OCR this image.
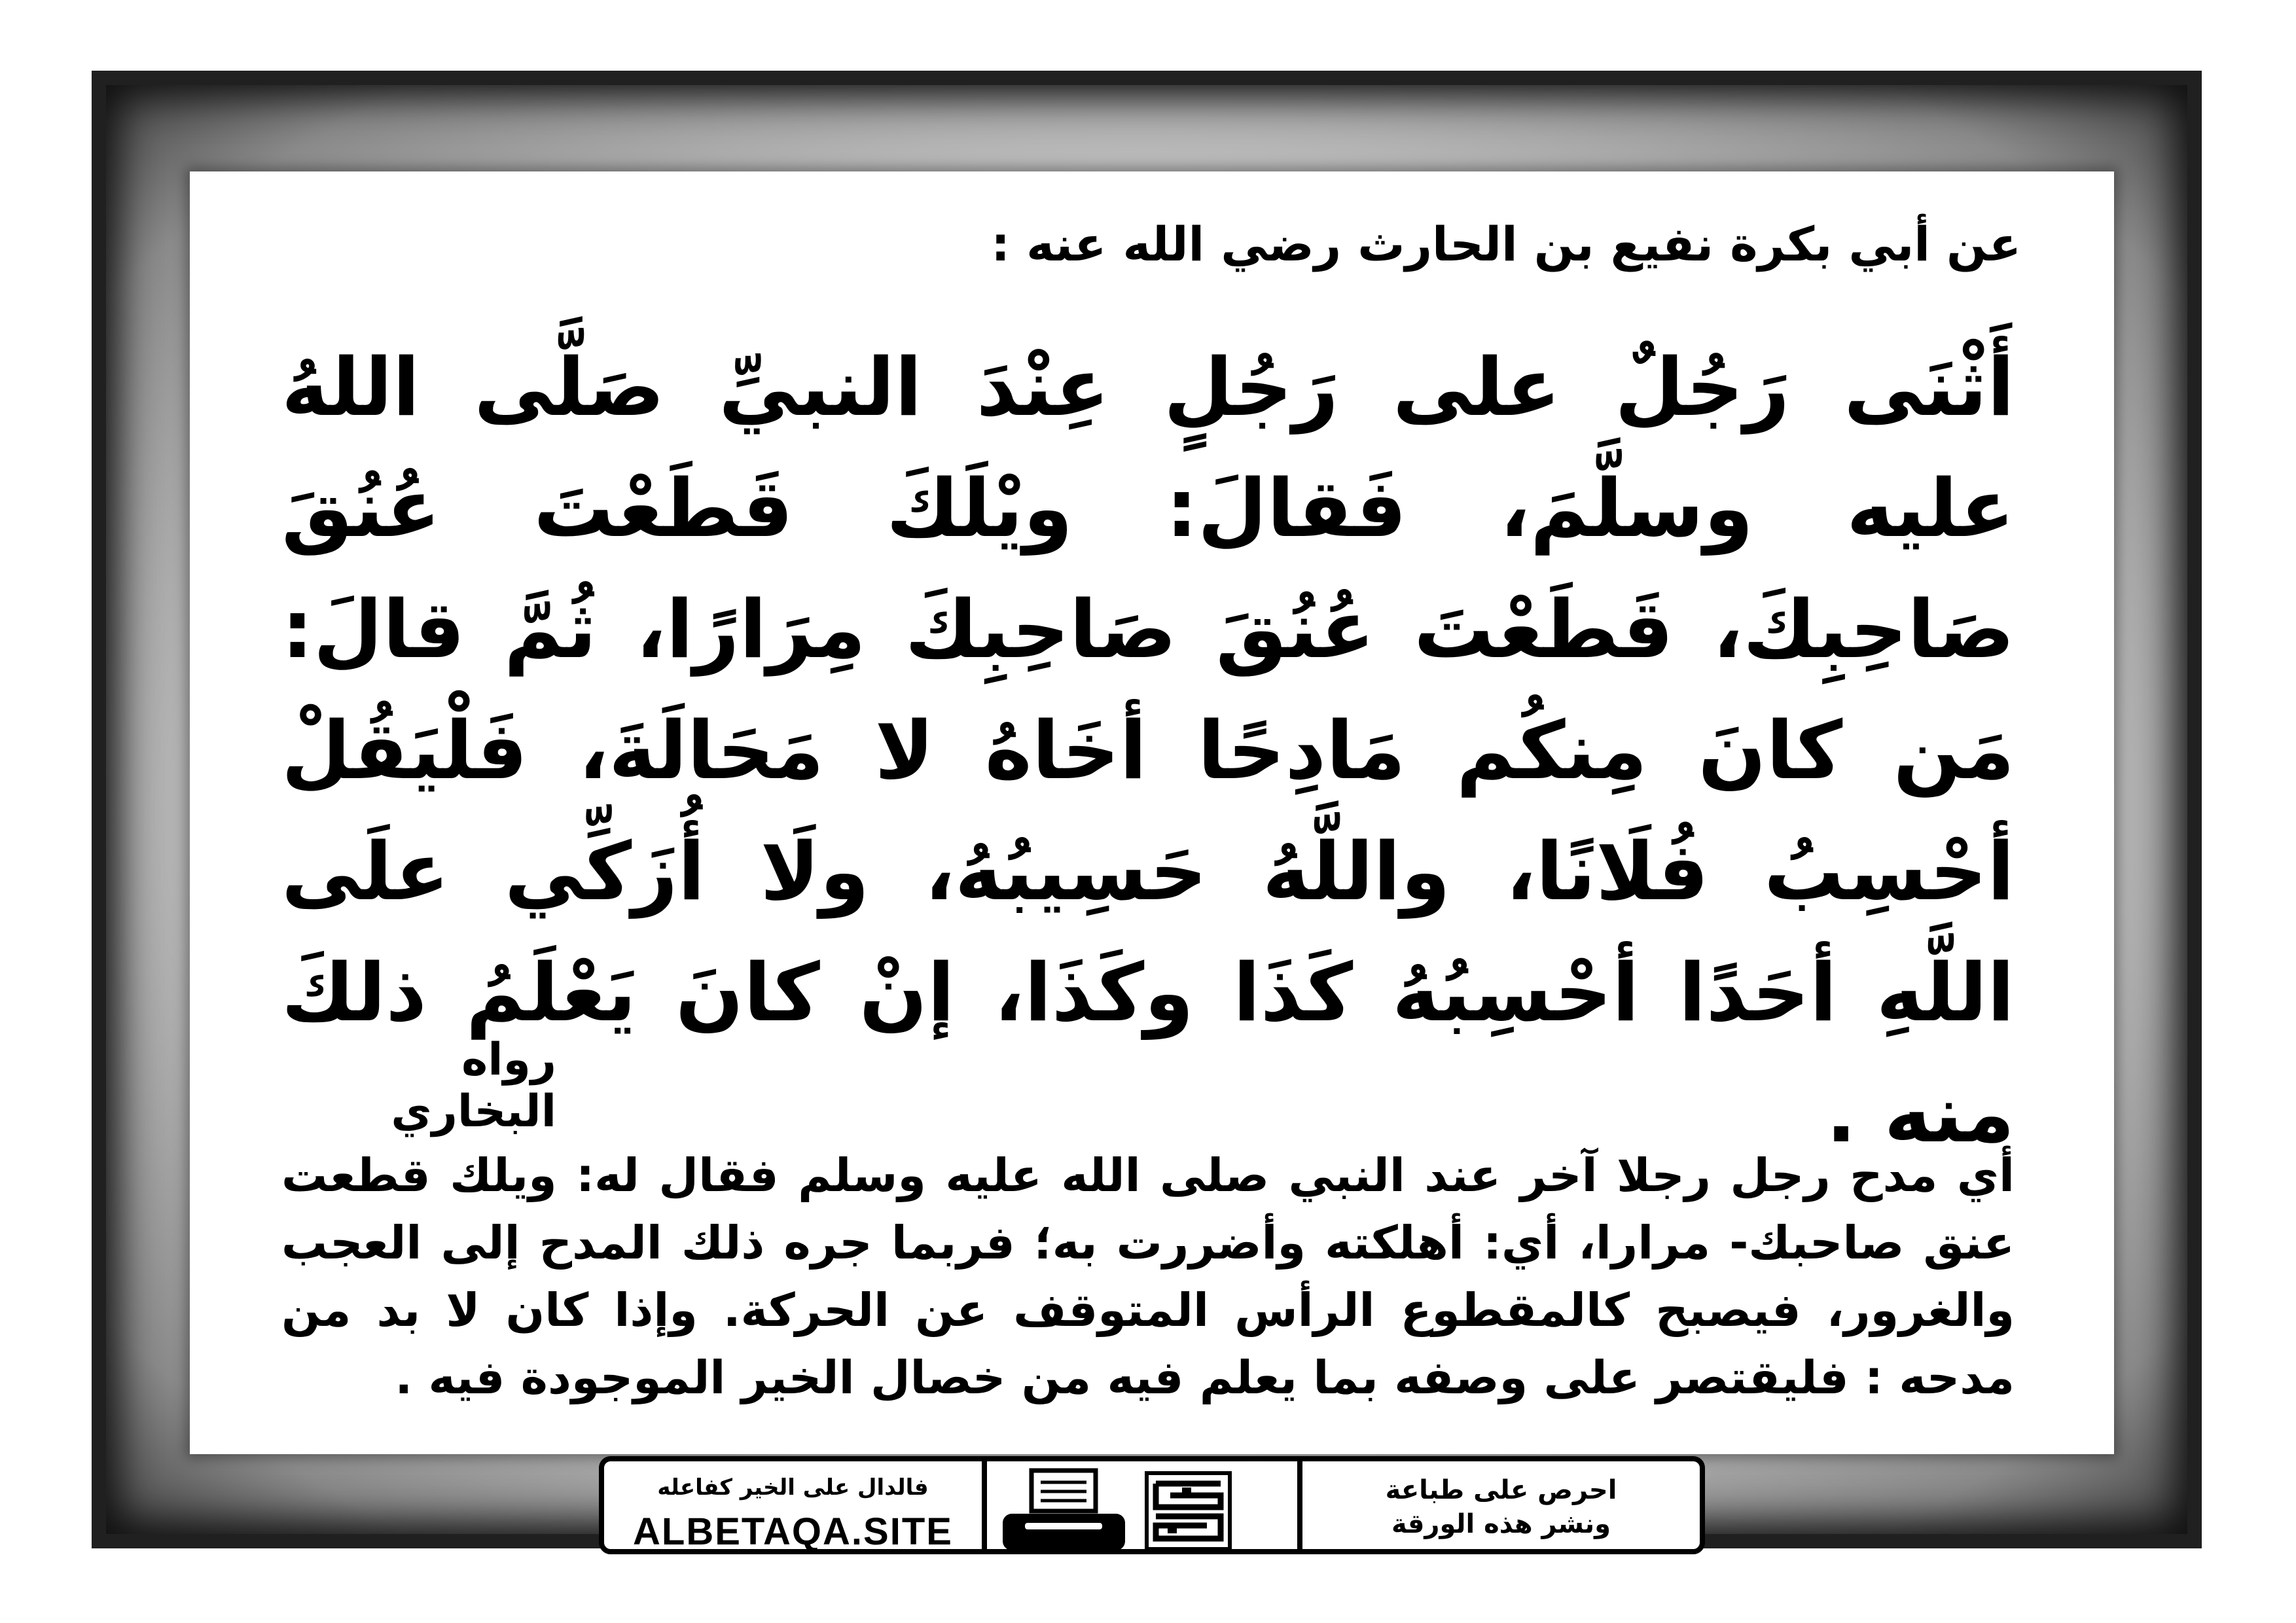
عن أبي بكرة نفيع بن الحارث رضي الله عنه :
أَثْنَى رَجُلٌ على رَجُلٍ عِنْدَ النبيِّ صَلَّى اللهُ عليه وسلَّمَ، فَقالَ: ويْلَكَ قَطَعْتَ عُنُقَ صَاحِبِكَ، قَطَعْتَ عُنُقَ صَاحِبِكَ مِرَارًا، ثُمَّ قالَ: مَن كانَ مِنكُم مَادِحًا أخَاهُ لا مَحَالَةَ، فَلْيَقُلْ أحْسِبُ فُلَانًا، واللَّهُ حَسِيبُهُ، ولَا أُزَكِّي علَى اللَّهِ أحَدًا أحْسِبُهُ كَذَا وكَذَا، إنْ كانَ يَعْلَمُ ذلكَ منه .
رواه البخاري
أي مدح رجل رجلا آخر عند النبي صلى الله عليه وسلم فقال له: ويلك قطعت عنق صاحبك- مرارا، أي: أهلكته وأضررت به؛ فربما جره ذلك المدح إلى العجب والغرور، فيصبح كالمقطوع الرأس المتوقف عن الحركة. وإذا كان لا بد من مدحه : فليقتصر على وصفه بما يعلم فيه من خصال الخير الموجودة فيه .
فالدال على الخير كفاعله
ALBETAQA.SITE
احرص على طباعة
ونشر هذه الورقة
